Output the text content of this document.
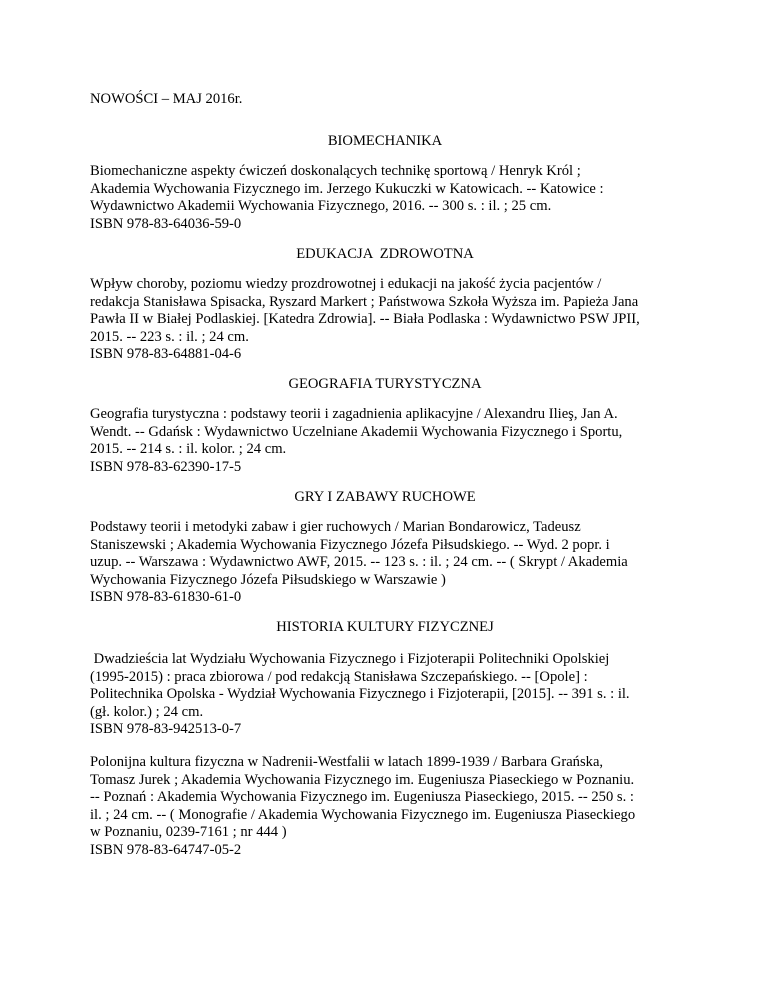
NOWOŚCI – MAJ 2016r.

BIOMECHANIKA

Biomechaniczne aspekty ćwiczeń doskonalących technikę sportową / Henryk Król ;
Akademia Wychowania Fizycznego im. Jerzego Kukuczki w Katowicach. -- Katowice :
Wydawnictwo Akademii Wychowania Fizycznego, 2016. -- 300 s. : il. ; 25 cm.
ISBN 978-83-64036-59-0

EDUKACJA  ZDROWOTNA

Wpływ choroby, poziomu wiedzy prozdrowotnej i edukacji na jakość życia pacjentów /
redakcja Stanisława Spisacka, Ryszard Markert ; Państwowa Szkoła Wyższa im. Papieża Jana
Pawła II w Białej Podlaskiej. [Katedra Zdrowia]. -- Biała Podlaska : Wydawnictwo PSW JPII,
2015. -- 223 s. : il. ; 24 cm.
ISBN 978-83-64881-04-6

GEOGRAFIA TURYSTYCZNA

Geografia turystyczna : podstawy teorii i zagadnienia aplikacyjne / Alexandru Ilieş, Jan A.
Wendt. -- Gdańsk : Wydawnictwo Uczelniane Akademii Wychowania Fizycznego i Sportu,
2015. -- 214 s. : il. kolor. ; 24 cm.
ISBN 978-83-62390-17-5

GRY I ZABAWY RUCHOWE

Podstawy teorii i metodyki zabaw i gier ruchowych / Marian Bondarowicz, Tadeusz
Staniszewski ; Akademia Wychowania Fizycznego Józefa Piłsudskiego. -- Wyd. 2 popr. i
uzup. -- Warszawa : Wydawnictwo AWF, 2015. -- 123 s. : il. ; 24 cm. -- ( Skrypt / Akademia
Wychowania Fizycznego Józefa Piłsudskiego w Warszawie )
ISBN 978-83-61830-61-0

HISTORIA KULTURY FIZYCZNEJ

Dwadzieścia lat Wydziału Wychowania Fizycznego i Fizjoterapii Politechniki Opolskiej
(1995-2015) : praca zbiorowa / pod redakcją Stanisława Szczepańskiego. -- [Opole] :
Politechnika Opolska - Wydział Wychowania Fizycznego i Fizjoterapii, [2015]. -- 391 s. : il.
(gł. kolor.) ; 24 cm.
ISBN 978-83-942513-0-7
Polonijna kultura fizyczna w Nadrenii-Westfalii w latach 1899-1939 / Barbara Grańska,
Tomasz Jurek ; Akademia Wychowania Fizycznego im. Eugeniusza Piaseckiego w Poznaniu.
-- Poznań : Akademia Wychowania Fizycznego im. Eugeniusza Piaseckiego, 2015. -- 250 s. :
il. ; 24 cm. -- ( Monografie / Akademia Wychowania Fizycznego im. Eugeniusza Piaseckiego
w Poznaniu, 0239-7161 ; nr 444 )
ISBN 978-83-64747-05-2
